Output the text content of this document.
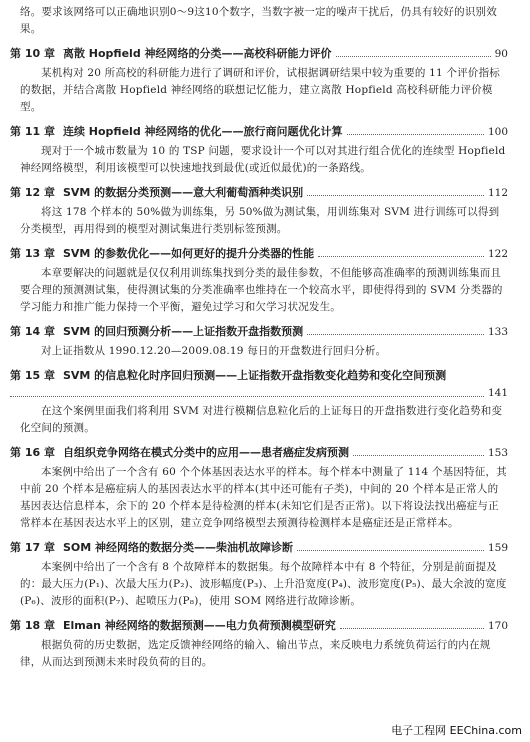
络。要求该网络可以正确地识别0～9这10个数字，当数字被一定的噪声干扰后，仍具有较好的识别效果。

第 10 章 离散 Hopfield 神经网络的分类——高校科研能力评价	90

某机构对 20 所高校的科研能力进行了调研和评价，试根据调研结果中较为重要的 11 个评价指标的数据，并结合离散 Hopfield 神经网络的联想记忆能力，建立离散 Hopfield 高校科研能力评价模型。

第 11 章 连续 Hopfield 神经网络的优化——旅行商问题优化计算	100

现对于一个城市数量为 10 的 TSP 问题，要求设计一个可以对其进行组合优化的连续型 Hopfield 神经网络模型，利用该模型可以快速地找到最优(或近似最优)的一条路线。

第 12 章 SVM 的数据分类预测——意大利葡萄酒种类识别	112

将这 178 个样本的 50%做为训练集，另 50%做为测试集，用训练集对 SVM 进行训练可以得到分类模型，再用得到的模型对测试集进行类别标签预测。

第 13 章 SVM 的参数优化——如何更好的提升分类器的性能	122

本章要解决的问题就是仅仅利用训练集找到分类的最佳参数，不但能够高准确率的预测训练集而且要合理的预测测试集，使得测试集的分类准确率也维持在一个较高水平，即使得得到的 SVM 分类器的学习能力和推广能力保持一个平衡，避免过学习和欠学习状况发生。

第 14 章 SVM 的回归预测分析——上证指数开盘指数预测	133

对上证指数从 1990.12.20—2009.08.19 每日的开盘数进行回归分析。

第 15 章 SVM 的信息粒化时序回归预测——上证指数开盘指数变化趋势和变化空间预测
141

在这个案例里面我们将利用 SVM 对进行模糊信息粒化后的上证每日的开盘指数进行变化趋势和变化空间的预测。

第 16 章 自组织竞争网络在模式分类中的应用——患者癌症发病预测	153

本案例中给出了一个含有 60 个个体基因表达水平的样本。每个样本中测量了 114 个基因特征，其中前 20 个样本是癌症病人的基因表达水平的样本(其中还可能有子类)，中间的 20 个样本是正常人的基因表达信息样本，余下的 20 个样本是待检测的样本(未知它们是否正常)。以下将设法找出癌症与正常样本在基因表达水平上的区别，建立竞争网络模型去预测待检测样本是癌症还是正常样本。

第 17 章 SOM 神经网络的数据分类——柴油机故障诊断	159

本案例中给出了一个含有 8 个故障样本的数据集。每个故障样本中有 8 个特征，分别是前面提及的：最大压力(P₁)、次最大压力(P₂)、波形幅度(P₃)、上升沿宽度(P₄)、波形宽度(P₅)、最大余波的宽度(P₆)、波形的面积(P₇)、起喷压力(P₈)，使用 SOM 网络进行故障诊断。

第 18 章 Elman 神经网络的数据预测——电力负荷预测模型研究	170

根据负荷的历史数据，选定反馈神经网络的输入、输出节点，来反映电力系统负荷运行的内在规律，从而达到预测未来时段负荷的目的。

电子工程网 EEChina.com
